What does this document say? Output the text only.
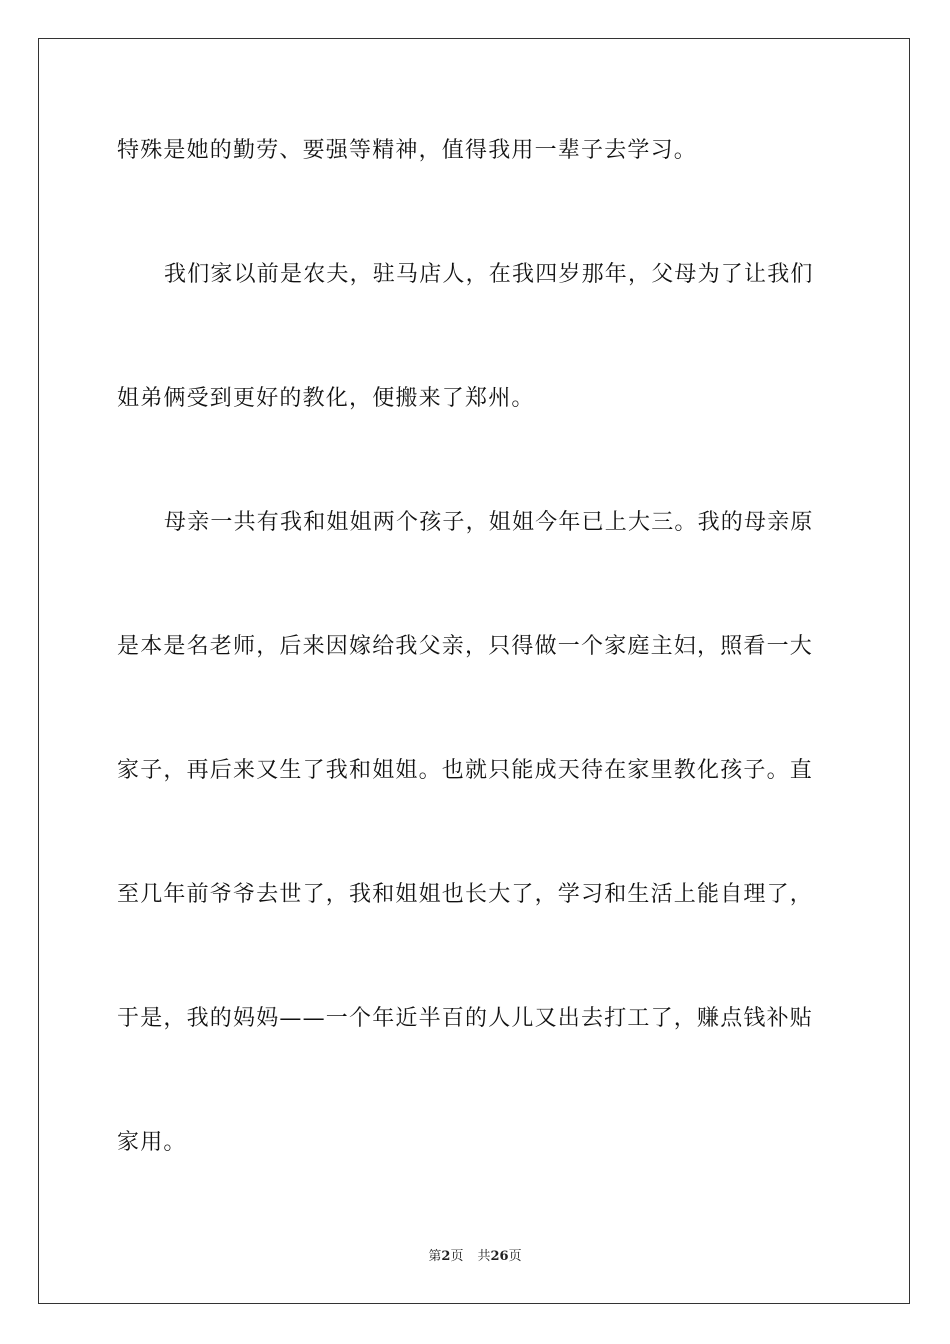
特殊是她的勤劳、要强等精神，值得我用一辈子去学习。
我们家以前是农夫，驻马店人，在我四岁那年，父母为了让我们
姐弟俩受到更好的教化，便搬来了郑州。
母亲一共有我和姐姐两个孩子，姐姐今年已上大三。我的母亲原
是本是名老师，后来因嫁给我父亲，只得做一个家庭主妇，照看一大
家子，再后来又生了我和姐姐。也就只能成天待在家里教化孩子。直
至几年前爷爷去世了，我和姐姐也长大了，学习和生活上能自理了，
于是，我的妈妈——一个年近半百的人儿又出去打工了，赚点钱补贴
家用。
第2页 共26页
